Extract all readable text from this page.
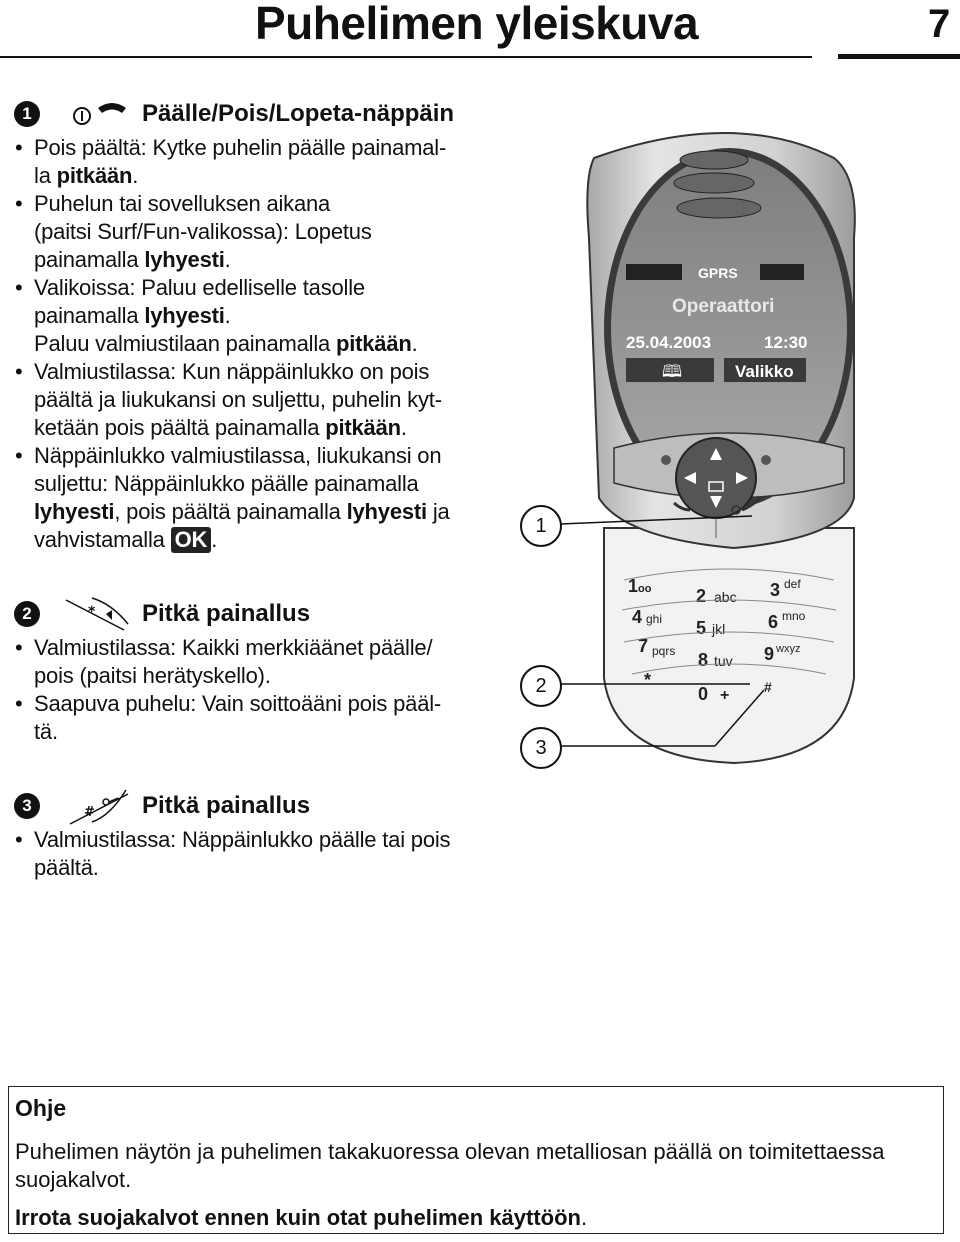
Puhelimen yleiskuva	7
1	Päälle/Pois/Lopeta-näppäin
• Pois päältä: Kytke puhelin päälle painamal-
la pitkään.
• Puhelun tai sovelluksen aikana
(paitsi Surf/Fun-valikossa): Lopetus
painamalla lyhyesti.
• Valikoissa: Paluu edelliselle tasolle
painamalla lyhyesti.
Paluu valmiustilaan painamalla pitkään.
• Valmiustilassa: Kun näppäinlukko on pois
päältä ja liukukansi on suljettu, puhelin kyt-
ketään pois päältä painamalla pitkään.
• Näppäinlukko valmiustilassa, liukukansi on
suljettu: Näppäinlukko päälle painamalla
lyhyesti, pois päältä painamalla lyhyesti ja
vahvistamalla OK .
2	* Pitkä painallus
• Valmiustilassa: Kaikki merkkiäänet päälle/
pois (paitsi herätyskello).
• Saapuva puhelu: Vain soittoääni pois pääl-
tä.
3	# Pitkä painallus
• Valmiustilassa: Näppäinlukko päälle tai pois
päältä.
GPRS
Operaattori
25.04.2003	12:30
🕮	Valikko
1 oo 2 abc 3 def
4 ghi 5 jkl 6 mno
7 pqrs 8 tuv 9 wxyz
*
0 + #
1
2
3
Ohje
Puhelimen näytön ja puhelimen takakuoressa olevan metalliosan päällä on toimitettaessa suojakalvot.
Irrota suojakalvot ennen kuin otat puhelimen käyttöön.
